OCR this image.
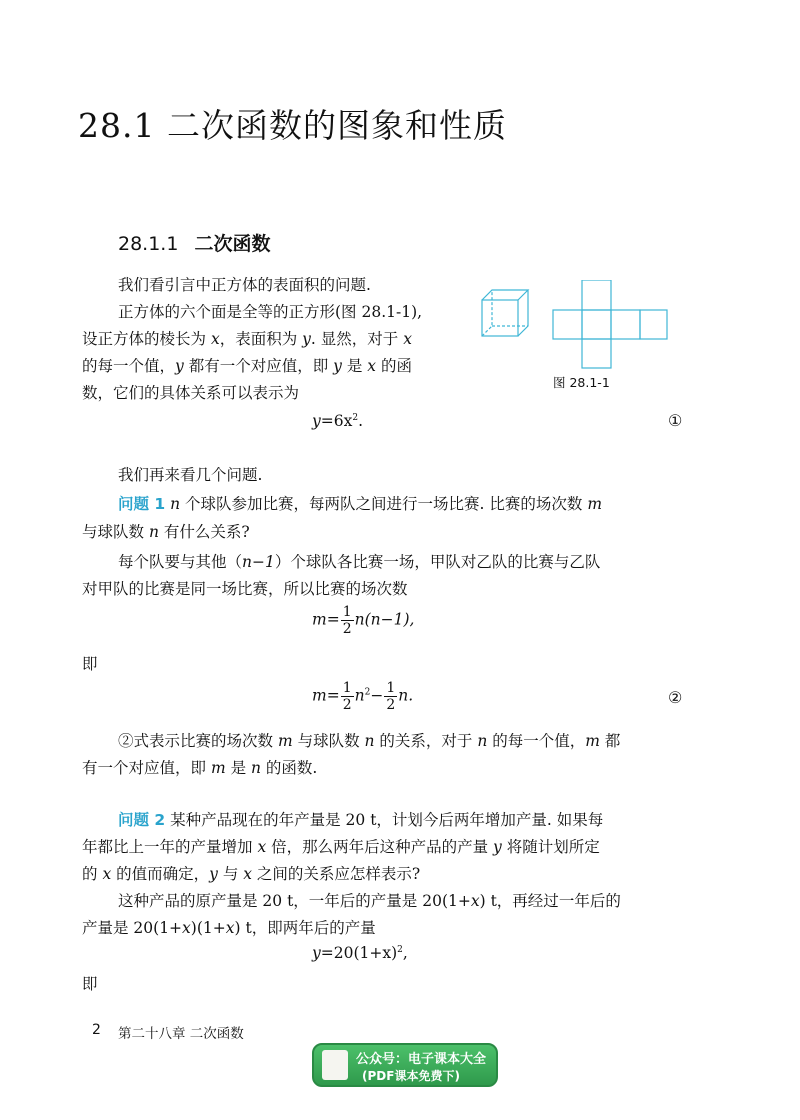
28.1 二次函数的图象和性质
28.1.1 二次函数
我们看引言中正方体的表面积的问题.
正方体的六个面是全等的正方形(图 28.1-1),
设正方体的棱长为 x，表面积为 y. 显然，对于 x
的每一个值，y 都有一个对应值，即 y 是 x 的函
数，它们的具体关系可以表示为
图 28.1-1
$y=6x^2$.	①
我们再来看几个问题.
问题 1 n 个球队参加比赛，每两队之间进行一场比赛. 比赛的场次数 m
与球队数 n 有什么关系?
每个队要与其他（n−1）个球队各比赛一场，甲队对乙队的比赛与乙队
对甲队的比赛是同一场比赛，所以比赛的场次数
$m= \frac{1}{2} n(n-1)$,
即
$m= \frac{1}{2} n^2- \frac{1}{2} n$.	②
②式表示比赛的场次数 m 与球队数 n 的关系，对于 n 的每一个值，m 都
有一个对应值，即 m 是 n 的函数.
问题 2 某种产品现在的年产量是 20 t，计划今后两年增加产量. 如果每
年都比上一年的产量增加 x 倍，那么两年后这种产品的产量 y 将随计划所定
的 x 的值而确定，y 与 x 之间的关系应怎样表示?
这种产品的原产量是 20 t，一年后的产量是 20(1+x) t，再经过一年后的
产量是 20(1+x)(1+x) t，即两年后的产量
$y=20(1+x)^2$,
即
2 第二十八章 二次函数
公众号：电子课本大全
(PDF课本免费下)
